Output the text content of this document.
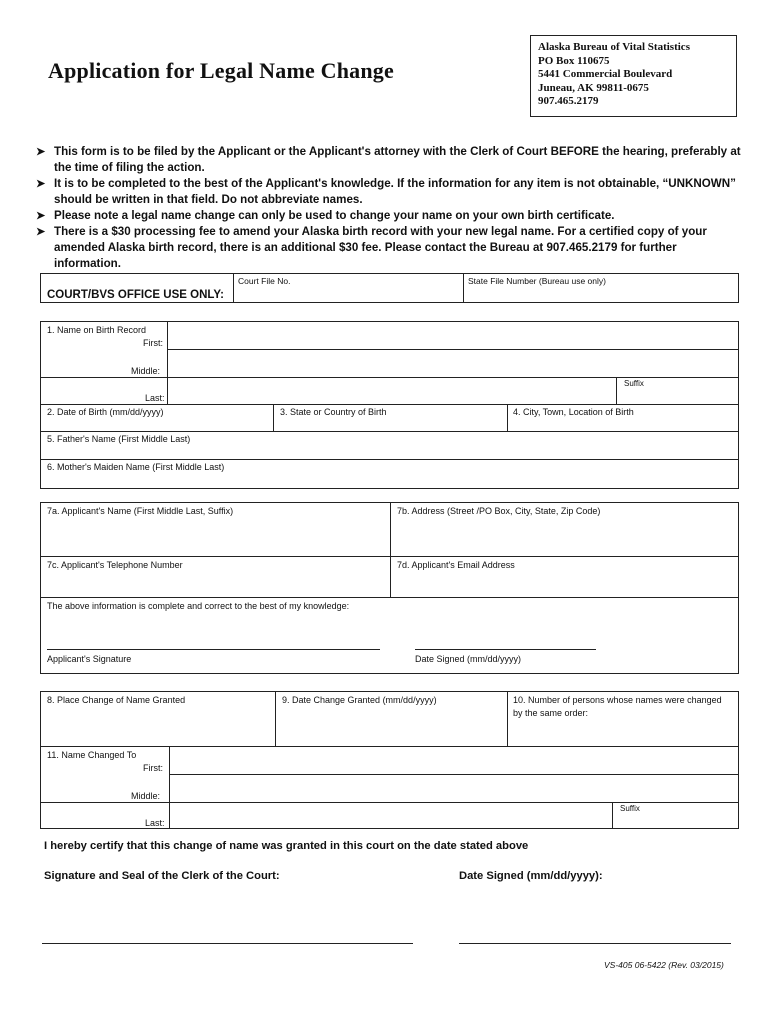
Application for Legal Name Change
Alaska Bureau of Vital Statistics
PO Box 110675
5441 Commercial Boulevard
Juneau, AK 99811-0675
907.465.2179
➤ This form is to be filed by the Applicant or the Applicant's attorney with the Clerk of Court BEFORE the hearing, preferably at the time of filing the action.
➤ It is to be completed to the best of the Applicant's knowledge. If the information for any item is not obtainable, “UNKNOWN” should be written in that field. Do not abbreviate names.
➤ Please note a legal name change can only be used to change your name on your own birth certificate.
➤ There is a $30 processing fee to amend your Alaska birth record with your new legal name. For a certified copy of your amended Alaska birth record, there is an additional $30 fee. Please contact the Bureau at 907.465.2179 for further information.
COURT/BVS OFFICE USE ONLY:
Court File No.	State File Number (Bureau use only)
1. Name on Birth Record
First:
Middle:
Last:
Suffix
2. Date of Birth (mm/dd/yyyy)	3. State or Country of Birth	4. City, Town, Location of Birth
5. Father's Name (First Middle Last)
6. Mother's Maiden Name (First Middle Last)
7a. Applicant's Name (First Middle Last, Suffix)	7b. Address (Street /PO Box, City, State, Zip Code)
7c. Applicant's Telephone Number	7d. Applicant's Email Address
The above information is complete and correct to the best of my knowledge:
Applicant's Signature	Date Signed (mm/dd/yyyy)
8. Place Change of Name Granted	9. Date Change Granted (mm/dd/yyyy)	10. Number of persons whose names were changed
by the same order:
11. Name Changed To
First:
Middle:
Last:
Suffix
I hereby certify that this change of name was granted in this court on the date stated above
Signature and Seal of the Clerk of the Court:	Date Signed (mm/dd/yyyy):
VS-405 06-5422 (Rev. 03/2015)
